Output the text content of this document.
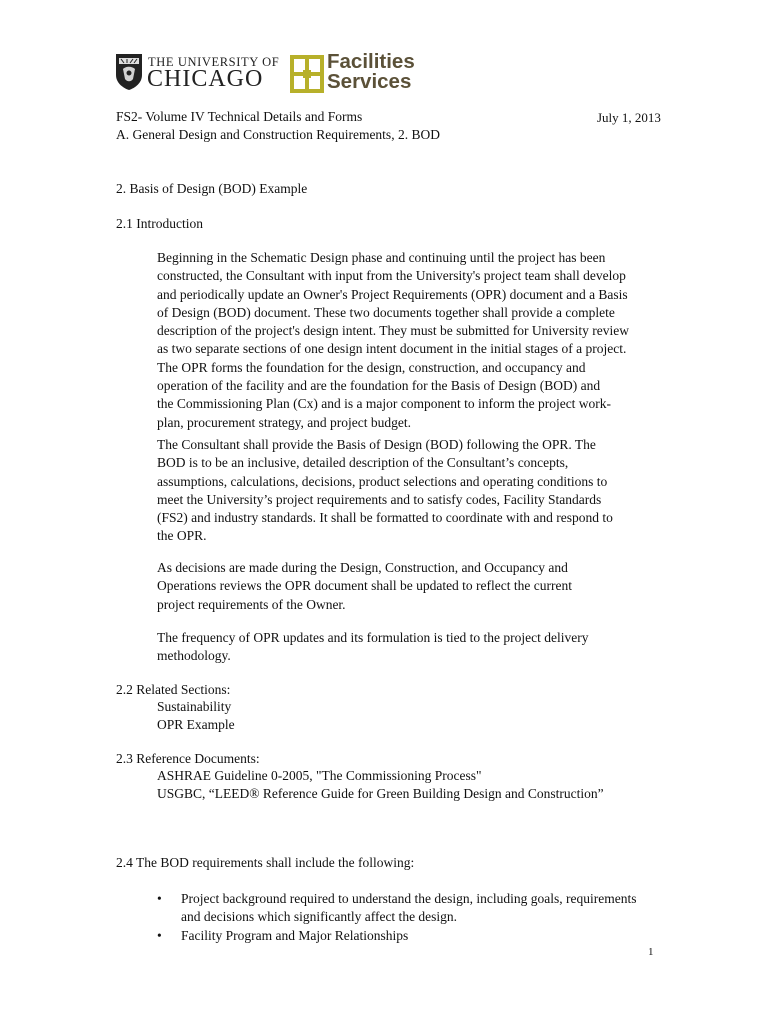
THE UNIVERSITY OF
CHICAGO
Facilities
Services
FS2- Volume IV Technical Details and Forms
A. General Design and Construction Requirements, 2. BOD
July 1, 2013
2. Basis of Design (BOD) Example
2.1 Introduction
Beginning in the Schematic Design phase and continuing until the project has been
constructed, the Consultant with input from the University's project team shall develop
and periodically update an Owner's Project Requirements (OPR) document and a Basis
of Design (BOD) document. These two documents together shall provide a complete
description of the project's design intent. They must be submitted for University review
as two separate sections of one design intent document in the initial stages of a project.
The OPR forms the foundation for the design, construction, and occupancy and
operation of the facility and are the foundation for the Basis of Design (BOD) and
the Commissioning Plan (Cx) and is a major component to inform the project work-
plan, procurement strategy, and project budget.
The Consultant shall provide the Basis of Design (BOD) following the OPR. The
BOD is to be an inclusive, detailed description of the Consultant’s concepts,
assumptions, calculations, decisions, product selections and operating conditions to
meet the University’s project requirements and to satisfy codes, Facility Standards
(FS2) and industry standards. It shall be formatted to coordinate with and respond to
the OPR.
As decisions are made during the Design, Construction, and Occupancy and
Operations reviews the OPR document shall be updated to reflect the current
project requirements of the Owner.
The frequency of OPR updates and its formulation is tied to the project delivery
methodology.
2.2 Related Sections:
Sustainability
OPR Example
2.3 Reference Documents:
ASHRAE Guideline 0-2005, "The Commissioning Process"
USGBC, “LEED® Reference Guide for Green Building Design and Construction”
2.4 The BOD requirements shall include the following:
•	Project background required to understand the design, including goals, requirements
and decisions which significantly affect the design.
•	Facility Program and Major Relationships
1
